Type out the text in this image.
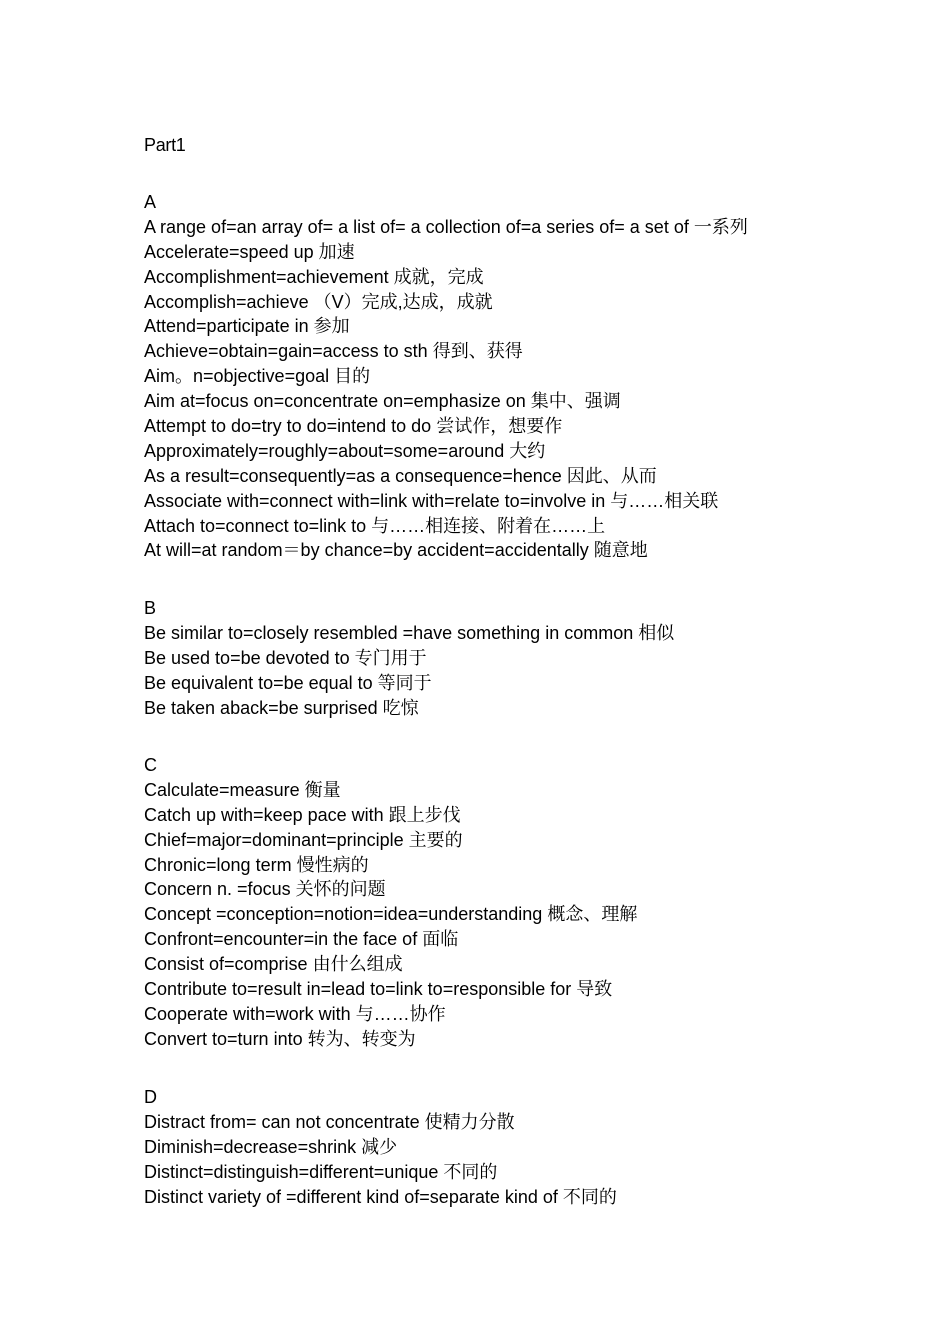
Part1
A
A range of=an array of= a list of= a collection of=a series of= a set of 一系列
Accelerate=speed up 加速
Accomplishment=achievement 成就，完成
Accomplish=achieve （V）完成,达成，成就
Attend=participate in 参加
Achieve=obtain=gain=access to sth 得到、获得
Aim。n=objective=goal 目的
Aim at=focus on=concentrate on=emphasize on 集中、强调
Attempt to do=try to do=intend to do 尝试作，想要作
Approximately=roughly=about=some=around 大约
As a result=consequently=as a consequence=hence 因此、从而
Associate with=connect with=link with=relate to=involve in 与……相关联
Attach to=connect to=link to 与……相连接、附着在……上
At will=at random＝by chance=by accident=accidentally 随意地
B
Be similar to=closely resembled =have something in common 相似
Be used to=be devoted to 专门用于
Be equivalent to=be equal to 等同于
Be taken aback=be surprised 吃惊
C
Calculate=measure 衡量
Catch up with=keep pace with 跟上步伐
Chief=major=dominant=principle 主要的
Chronic=long term 慢性病的
Concern n. =focus 关怀的问题
Concept =conception=notion=idea=understanding 概念、理解
Confront=encounter=in the face of 面临
Consist of=comprise 由什么组成
Contribute to=result in=lead to=link to=responsible for 导致
Cooperate with=work with 与……协作
Convert to=turn into 转为、转变为
D
Distract from= can not concentrate 使精力分散
Diminish=decrease=shrink 减少
Distinct=distinguish=different=unique 不同的
Distinct variety of =different kind of=separate kind of 不同的
